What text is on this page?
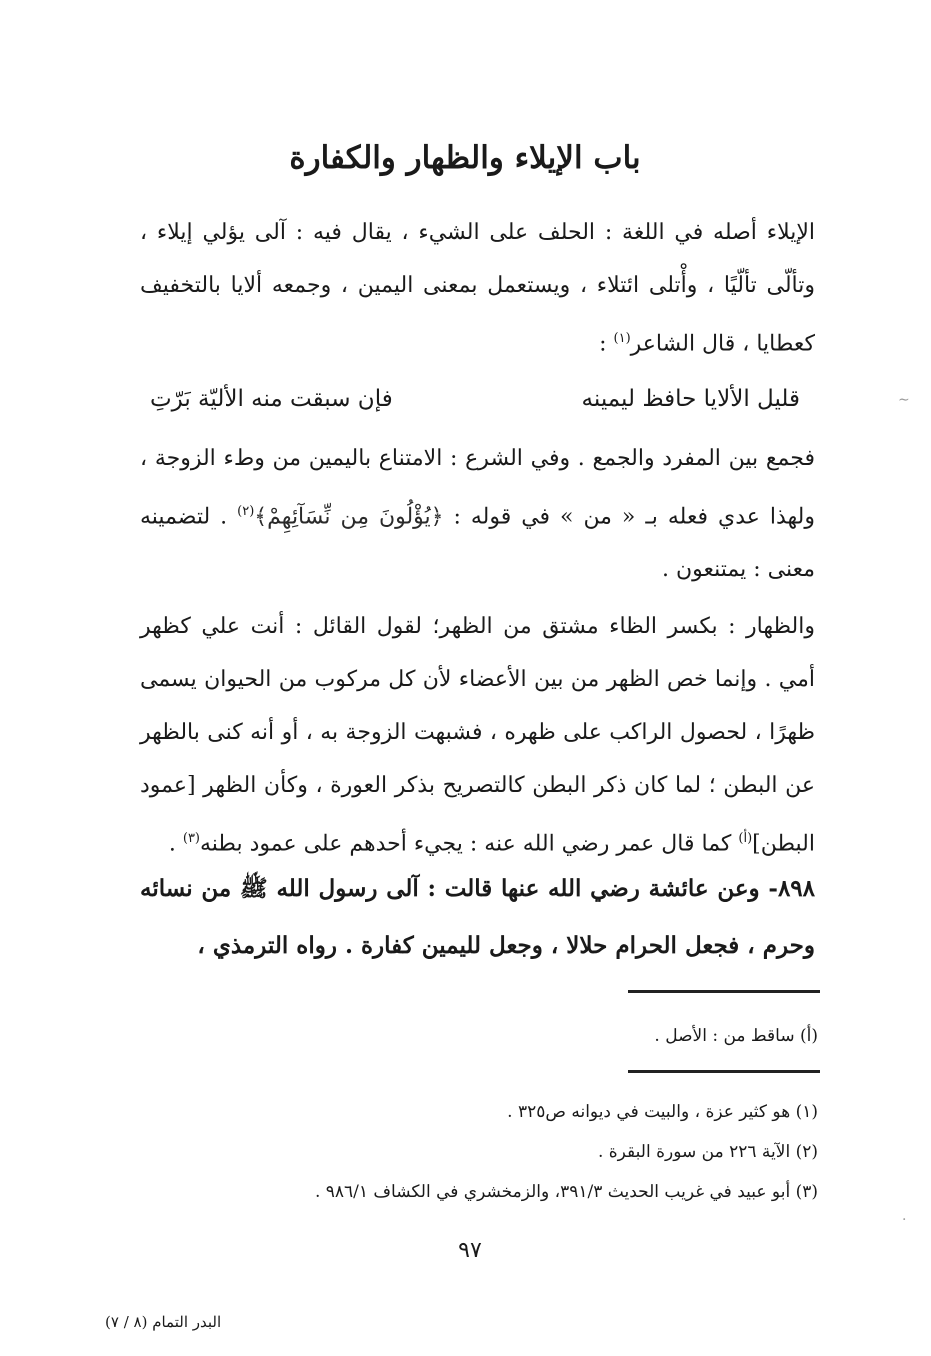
باب الإيلاء والظهار والكفارة

الإيلاء أصله في اللغة : الحلف على الشيء ، يقال فيه : آلى يؤلي إيلاء ، وتألّى تألّيًا ، وأْتلى ائتلاء ، ويستعمل بمعنى اليمين ، وجمعه ألايا بالتخفيف كعطايا ، قال الشاعر$^{(١)}$ :

قليل الألايا حافظ ليمينه
فإن سبقت منه الأليّة بَرّتِ

فجمع بين المفرد والجمع . وفي الشرع : الامتناع باليمين من وطء الزوجة ، ولهذا عدي فعله بـ « من » في قوله : ﴿يُؤْلُونَ مِن نِّسَآئِهِمْ﴾$^{(٢)}$ . لتضمينه معنى : يمتنعون .

والظهار : بكسر الظاء مشتق من الظهر؛ لقول القائل : أنت علي كظهر أمي . وإنما خص الظهر من بين الأعضاء لأن كل مركوب من الحيوان يسمى ظهرًا ، لحصول الراكب على ظهره ، فشبهت الزوجة به ، أو أنه كنى بالظهر عن البطن ؛ لما كان ذكر البطن كالتصريح بذكر العورة ، وكأن الظهر [عمود البطن]$^{(أ)}$ كما قال عمر رضي الله عنه : يجيء أحدهم على عمود بطنه$^{(٣)}$ .

٨٩٨- وعن عائشة رضي الله عنها قالت : آلى رسول الله ﷺ من نسائه وحرم ، فجعل الحرام حلالا ، وجعل لليمين كفارة . رواه الترمذي ،

(أ) ساقط من : الأصل .

(١) هو كثير عزة ، والبيت في ديوانه ص٣٢٥ .

(٢) الآية ٢٢٦ من سورة البقرة .

(٣) أبو عبيد في غريب الحديث ٣٩١/٣، والزمخشري في الكشاف ٩٨٦/١ .

٩٧
البدر التمام (٨ / ٧)
∼
·
